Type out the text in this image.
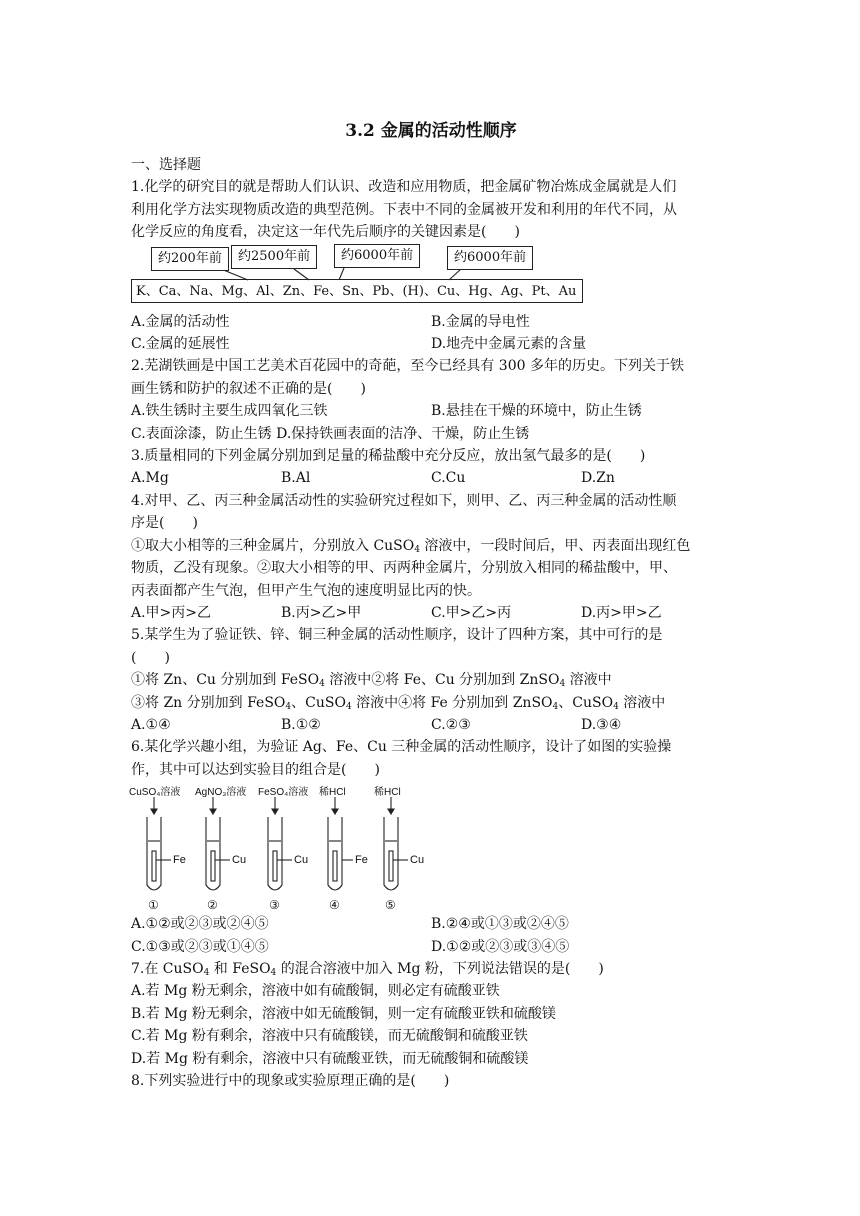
3.2 金属的活动性顺序
一、选择题
1.化学的研究目的就是帮助人们认识、改造和应用物质，把金属矿物冶炼成金属就是人们
利用化学方法实现物质改造的典型范例。下表中不同的金属被开发和利用的年代不同，从
化学反应的角度看，决定这一年代先后顺序的关键因素是(　　)
约200年前	约2500年前	约6000年前	约6000年前
K、Ca、Na、Mg、Al、Zn、Fe、Sn、Pb、(H)、Cu、Hg、Ag、Pt、Au
A.金属的活动性	B.金属的导电性
C.金属的延展性	D.地壳中金属元素的含量
2.芜湖铁画是中国工艺美术百花园中的奇葩，至今已经具有 300 多年的历史。下列关于铁
画生锈和防护的叙述不正确的是(　　)
A.铁生锈时主要生成四氧化三铁	B.悬挂在干燥的环境中，防止生锈
C.表面涂漆，防止生锈 D.保持铁画表面的洁净、干燥，防止生锈
3.质量相同的下列金属分别加到足量的稀盐酸中充分反应，放出氢气最多的是(　　)
A.Mg	B.Al	C.Cu	D.Zn
4.对甲、乙、丙三种金属活动性的实验研究过程如下，则甲、乙、丙三种金属的活动性顺
序是(　　)
①取大小相等的三种金属片，分别放入 CuSO$_4$ 溶液中，一段时间后，甲、丙表面出现红色
物质，乙没有现象。②取大小相等的甲、丙两种金属片，分别放入相同的稀盐酸中，甲、
丙表面都产生气泡，但甲产生气泡的速度明显比丙的快。
A.甲>丙>乙	B.丙>乙>甲	C.甲>乙>丙	D.丙>甲>乙
5.某学生为了验证铁、锌、铜三种金属的活动性顺序，设计了四种方案，其中可行的是
(　　)
①将 Zn、Cu 分别加到 FeSO$_4$ 溶液中②将 Fe、Cu 分别加到 ZnSO$_4$ 溶液中
③将 Zn 分别加到 FeSO$_4$、CuSO$_4$ 溶液中④将 Fe 分别加到 ZnSO$_4$、CuSO$_4$ 溶液中
A.①④	B.①②	C.②③	D.③④
6.某化学兴趣小组，为验证 Ag、Fe、Cu 三种金属的活动性顺序，设计了如图的实验操
作，其中可以达到实验目的组合是(　　)
CuSO₄溶液 AgNO₃溶液 FeSO₄溶液 稀HCl	稀HCl
Fe	Cu	Cu	Fe	Cu
①	②	③	④	⑤
A.①②或②③或②④⑤	B.②④或①③或②④⑤
C.①③或②③或①④⑤	D.①②或②③或③④⑤
7.在 CuSO$_4$ 和 FeSO$_4$ 的混合溶液中加入 Mg 粉，下列说法错误的是(　　)
A.若 Mg 粉无剩余，溶液中如有硫酸铜，则必定有硫酸亚铁
B.若 Mg 粉无剩余，溶液中如无硫酸铜，则一定有硫酸亚铁和硫酸镁
C.若 Mg 粉有剩余，溶液中只有硫酸镁，而无硫酸铜和硫酸亚铁
D.若 Mg 粉有剩余，溶液中只有硫酸亚铁，而无硫酸铜和硫酸镁
8.下列实验进行中的现象或实验原理正确的是(　　)
